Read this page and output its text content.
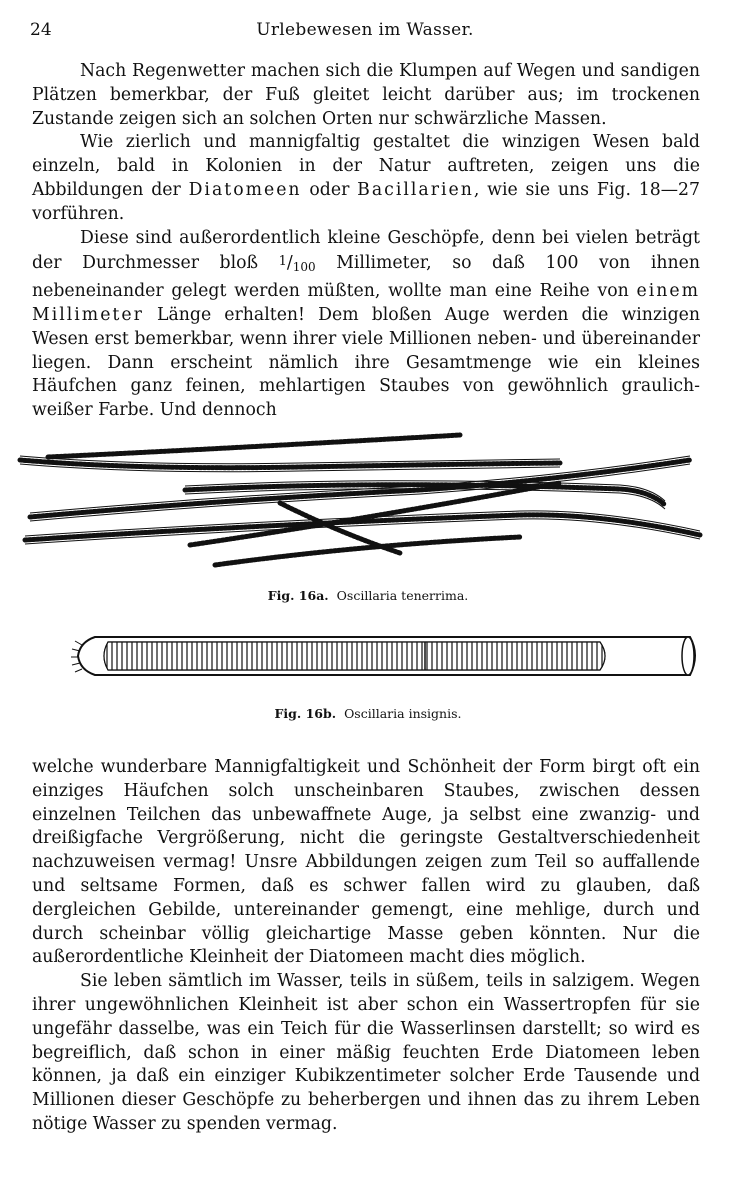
24	Urlebewesen im Wasser.

Nach Regenwetter machen sich die Klumpen auf Wegen und sandigen Plätzen bemerkbar, der Fuß gleitet leicht darüber aus; im trockenen Zustande zeigen sich an solchen Orten nur schwärzliche Massen.

Wie zierlich und mannigfaltig gestaltet die winzigen Wesen bald einzeln, bald in Kolonien in der Natur auftreten, zeigen uns die Abbildungen der Diatomeen oder Bacillarien, wie sie uns Fig. 18—27 vorführen.

Diese sind außerordentlich kleine Geschöpfe, denn bei vielen beträgt der Durchmesser bloß 1/100 Millimeter, so daß 100 von ihnen nebeneinander gelegt werden müßten, wollte man eine Reihe von einem Millimeter Länge erhalten! Dem bloßen Auge werden die winzigen Wesen erst bemerkbar, wenn ihrer viele Millionen neben- und übereinander liegen. Dann erscheint nämlich ihre Gesamtmenge wie ein kleines Häufchen ganz feinen, mehlartigen Staubes von gewöhnlich graulich-weißer Farbe. Und dennoch

Fig. 16a. Oscillaria tenerrima.
Fig. 16b. Oscillaria insignis.

welche wunderbare Mannigfaltigkeit und Schönheit der Form birgt oft ein einziges Häufchen solch unscheinbaren Staubes, zwischen dessen einzelnen Teilchen das unbewaffnete Auge, ja selbst eine zwanzig- und dreißigfache Vergrößerung, nicht die geringste Gestaltverschiedenheit nachzuweisen vermag! Unsre Abbildungen zeigen zum Teil so auffallende und seltsame Formen, daß es schwer fallen wird zu glauben, daß dergleichen Gebilde, untereinander gemengt, eine mehlige, durch und durch scheinbar völlig gleichartige Masse geben könnten. Nur die außerordentliche Kleinheit der Diatomeen macht dies möglich.

Sie leben sämtlich im Wasser, teils in süßem, teils in salzigem. Wegen ihrer ungewöhnlichen Kleinheit ist aber schon ein Wassertropfen für sie ungefähr dasselbe, was ein Teich für die Wasserlinsen darstellt; so wird es begreiflich, daß schon in einer mäßig feuchten Erde Diatomeen leben können, ja daß ein einziger Kubikzentimeter solcher Erde Tausende und Millionen dieser Geschöpfe zu beherbergen und ihnen das zu ihrem Leben nötige Wasser zu spenden vermag.
